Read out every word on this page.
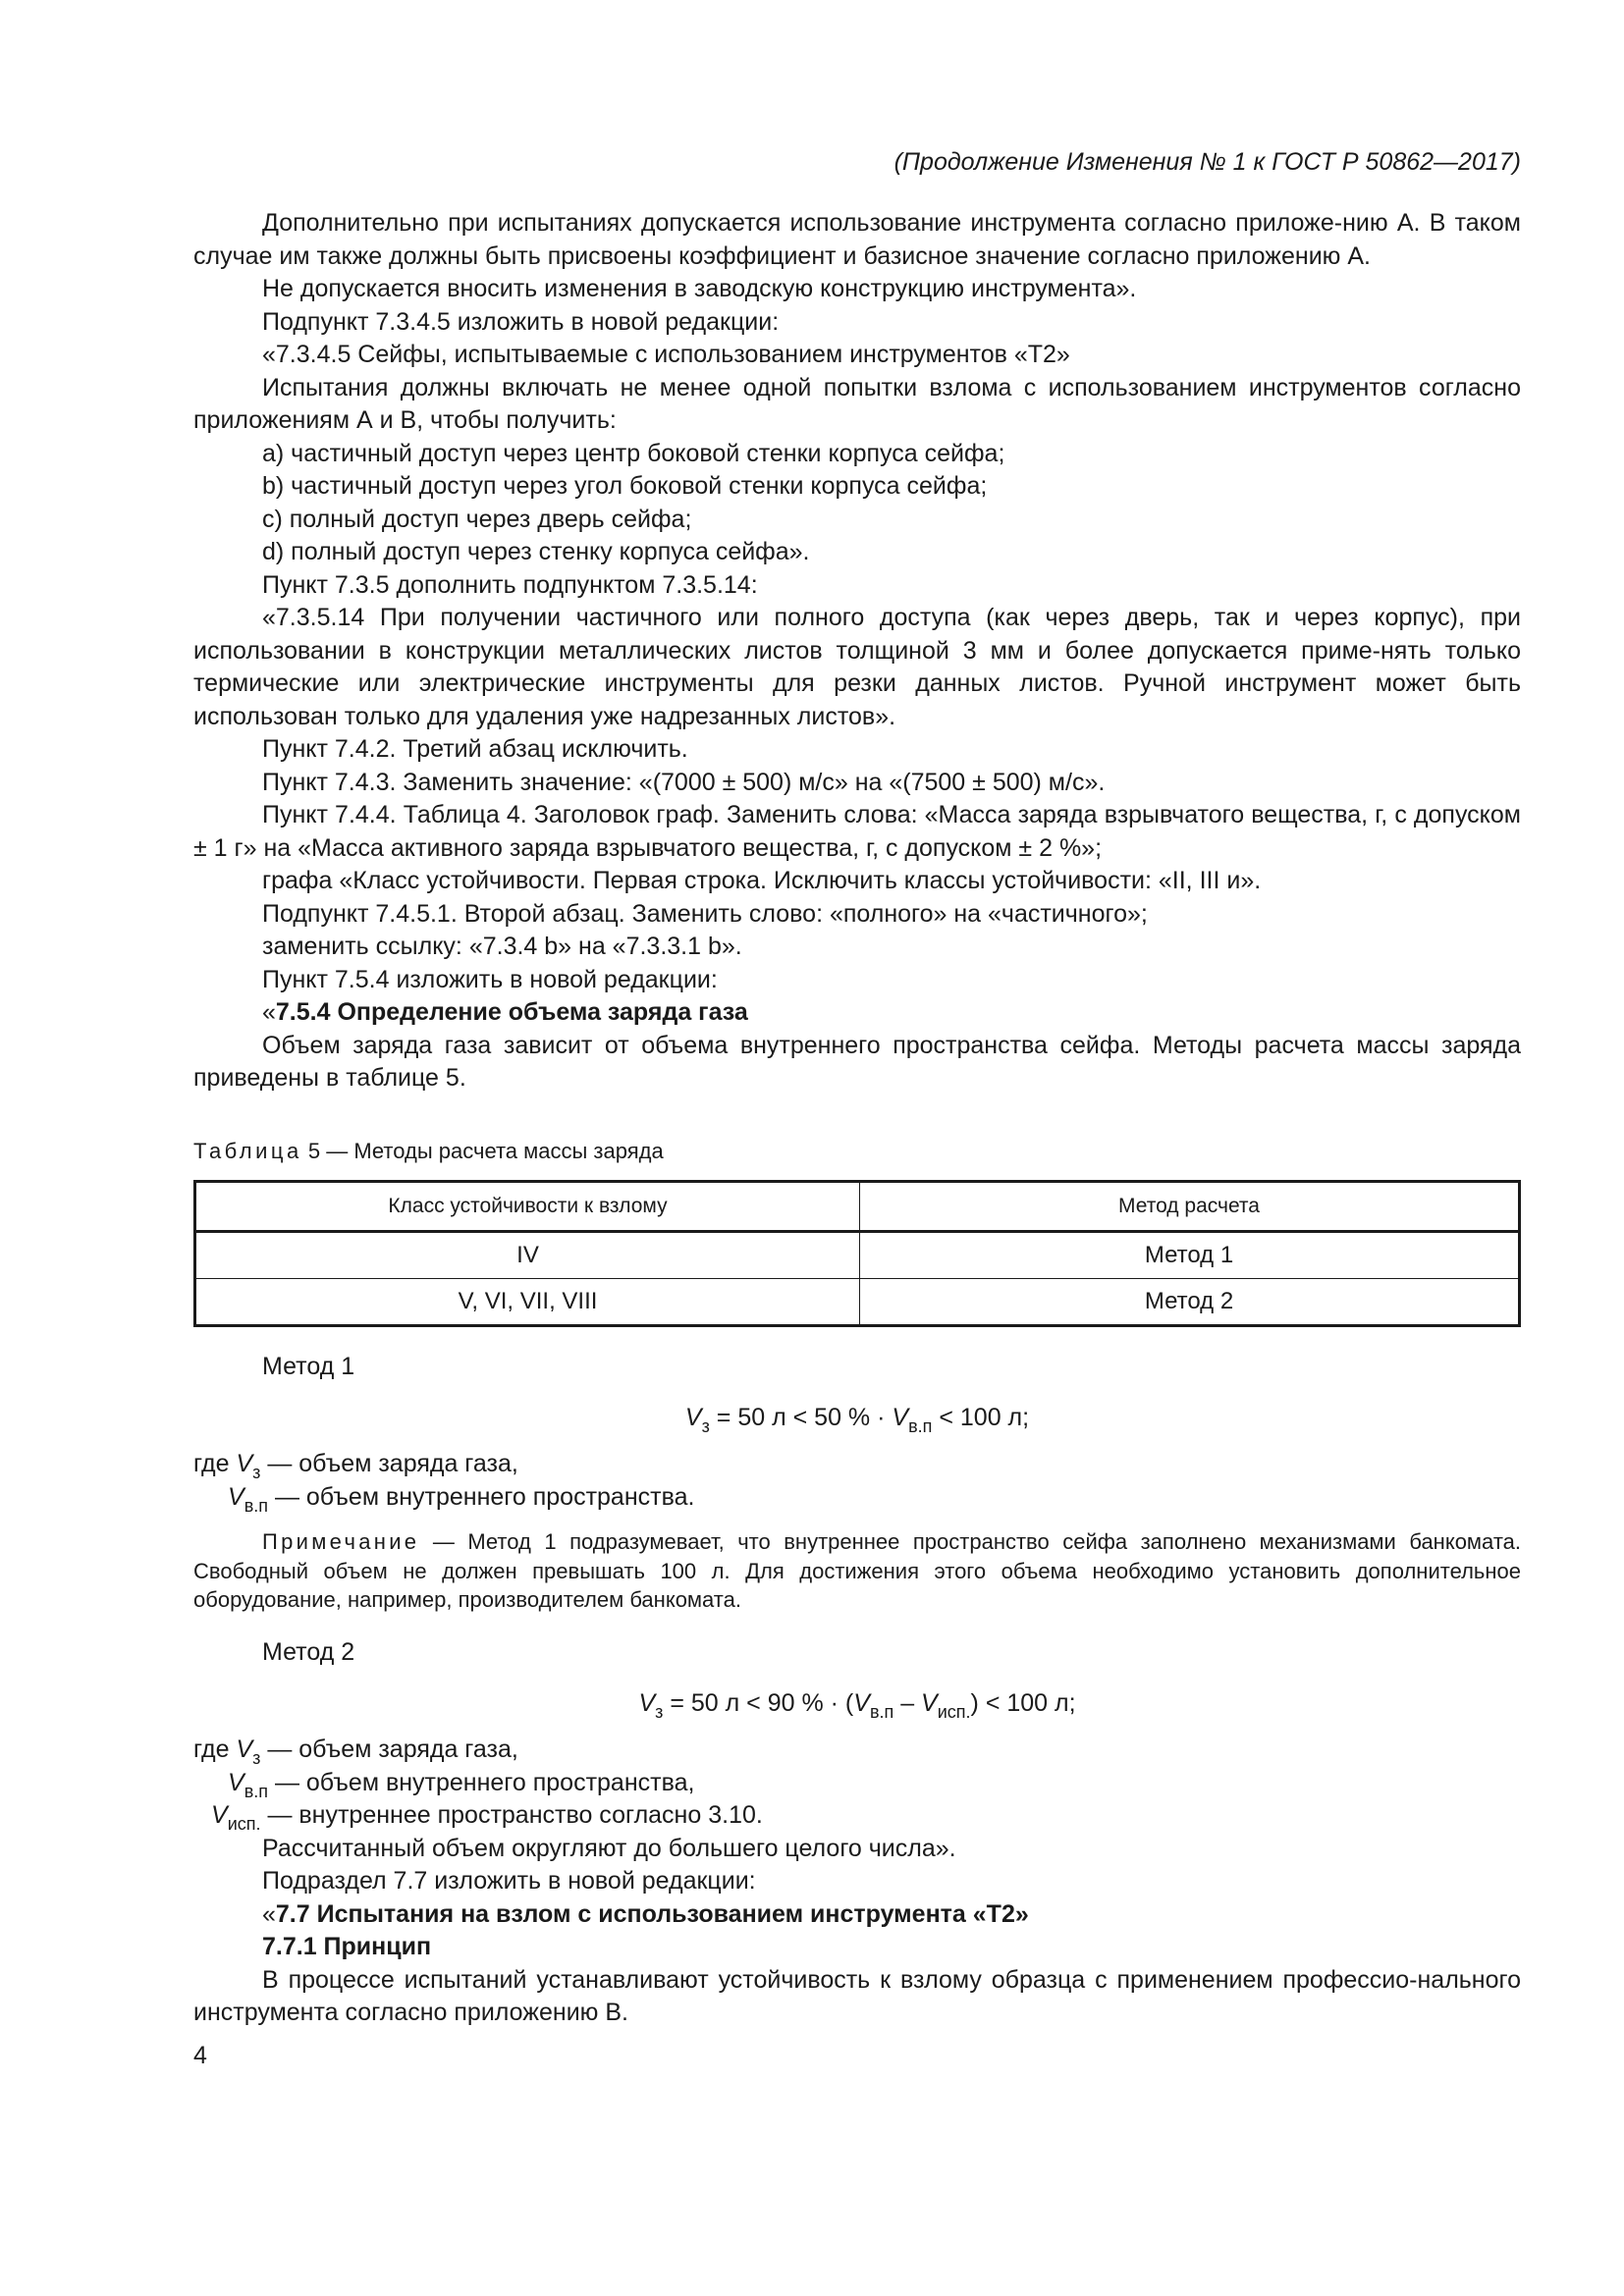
(Продолжение Изменения № 1 к ГОСТ Р 50862—2017)

Дополнительно при испытаниях допускается использование инструмента согласно приложе-нию А. В таком случае им также должны быть присвоены коэффициент и базисное значение согласно приложению А.

Не допускается вносить изменения в заводскую конструкцию инструмента».

Подпункт 7.3.4.5 изложить в новой редакции:

«7.3.4.5 Сейфы, испытываемые с использованием инструментов «Т2»

Испытания должны включать не менее одной попытки взлома с использованием инструментов согласно приложениям А и В, чтобы получить:

a) частичный доступ через центр боковой стенки корпуса сейфа;

b) частичный доступ через угол боковой стенки корпуса сейфа;

c) полный доступ через дверь сейфа;

d) полный доступ через стенку корпуса сейфа».

Пункт 7.3.5 дополнить подпунктом 7.3.5.14:

«7.3.5.14 При получении частичного или полного доступа (как через дверь, так и через корпус), при использовании в конструкции металлических листов толщиной 3 мм и более допускается приме-нять только термические или электрические инструменты для резки данных листов. Ручной инструмент может быть использован только для удаления уже надрезанных листов».

Пункт 7.4.2. Третий абзац исключить.

Пункт 7.4.3. Заменить значение: «(7000 ± 500) м/с» на «(7500 ± 500) м/с».

Пункт 7.4.4. Таблица 4. Заголовок граф. Заменить слова: «Масса заряда взрывчатого вещества, г, с допуском ± 1 г» на «Масса активного заряда взрывчатого вещества, г, с допуском ± 2 %»;

графа «Класс устойчивости. Первая строка. Исключить классы устойчивости: «II, III и».

Подпункт 7.4.5.1. Второй абзац. Заменить слово: «полного» на «частичного»;

заменить ссылку: «7.3.4 b» на «7.3.3.1 b».

Пункт 7.5.4 изложить в новой редакции:

«7.5.4 Определение объема заряда газа

Объем заряда газа зависит от объема внутреннего пространства сейфа. Методы расчета массы заряда приведены в таблице 5.

Таблица 5 — Методы расчета массы заряда
Класс устойчивости к взлому	Метод расчета
IV	Метод 1
V, VI, VII, VIII	Метод 2

Метод 1

$V_з = 50$ л < 50 % · $V_{в.п} < 100$ л;

где $V_з$ — объем заряда газа,

$V_{в.п}$ — объем внутреннего пространства.

Примечание — Метод 1 подразумевает, что внутреннее пространство сейфа заполнено механизмами банкомата. Свободный объем не должен превышать 100 л. Для достижения этого объема необходимо установить дополнительное оборудование, например, производителем банкомата.

Метод 2

$V_з = 50$ л < 90 % · $(V_{в.п} - V_{исп.}) < 100$ л;

где $V_з$ — объем заряда газа,

$V_{в.п}$ — объем внутреннего пространства,

$V_{исп.}$ — внутреннее пространство согласно 3.10.

Рассчитанный объем округляют до большего целого числа».

Подраздел 7.7 изложить в новой редакции:

«7.7 Испытания на взлом с использованием инструмента «Т2»

7.7.1 Принцип

В процессе испытаний устанавливают устойчивость к взлому образца с применением профессио-нального инструмента согласно приложению В.

4
